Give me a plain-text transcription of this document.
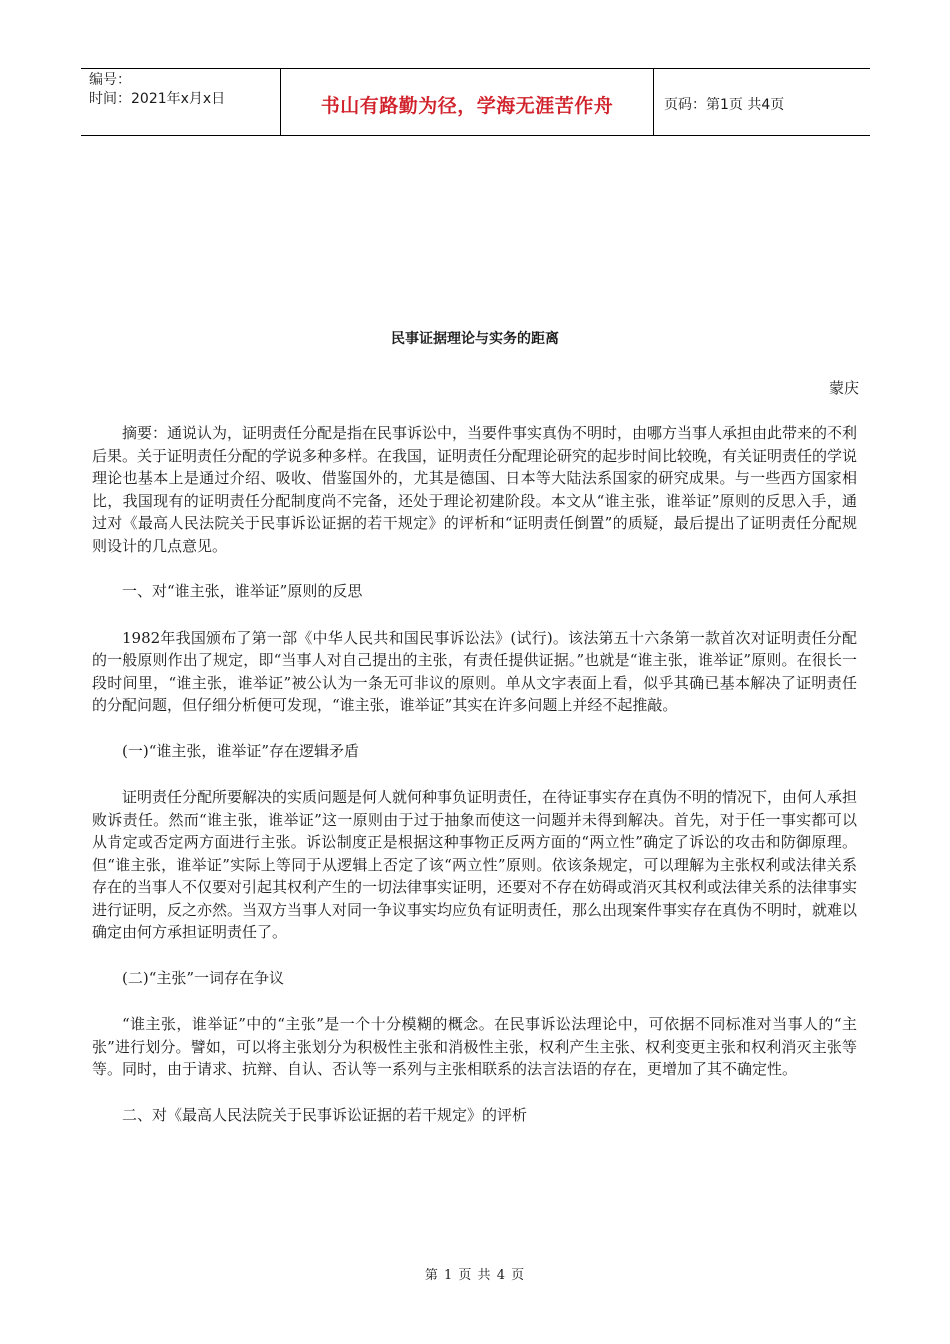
编号：
时间：2021年x月x日	书山有路勤为径，学海无涯苦作舟	页码：第1页 共4页
民事证据理论与实务的距离
蒙庆

摘要：通说认为，证明责任分配是指在民事诉讼中，当要件事实真伪不明时，由哪方当事人承担由此带来的不利后果。关于证明责任分配的学说多种多样。在我国，证明责任分配理论研究的起步时间比较晚，有关证明责任的学说理论也基本上是通过介绍、吸收、借鉴国外的，尤其是德国、日本等大陆法系国家的研究成果。与一些西方国家相比，我国现有的证明责任分配制度尚不完备，还处于理论初建阶段。本文从“谁主张，谁举证”原则的反思入手，通过对《最高人民法院关于民事诉讼证据的若干规定》的评析和“证明责任倒置”的质疑，最后提出了证明责任分配规则设计的几点意见。

一、对“谁主张，谁举证”原则的反思

1982年我国颁布了第一部《中华人民共和国民事诉讼法》(试行)。该法第五十六条第一款首次对证明责任分配的一般原则作出了规定，即“当事人对自己提出的主张，有责任提供证据。”也就是“谁主张，谁举证”原则。在很长一段时间里，“谁主张，谁举证”被公认为一条无可非议的原则。单从文字表面上看，似乎其确已基本解决了证明责任的分配问题，但仔细分析便可发现，“谁主张，谁举证”其实在许多问题上并经不起推敲。

(一)“谁主张，谁举证”存在逻辑矛盾

证明责任分配所要解决的实质问题是何人就何种事负证明责任，在待证事实存在真伪不明的情况下，由何人承担败诉责任。然而“谁主张，谁举证”这一原则由于过于抽象而使这一问题并未得到解决。首先，对于任一事实都可以从肯定或否定两方面进行主张。诉讼制度正是根据这种事物正反两方面的“两立性”确定了诉讼的攻击和防御原理。但“谁主张，谁举证”实际上等同于从逻辑上否定了该“两立性”原则。依该条规定，可以理解为主张权利或法律关系存在的当事人不仅要对引起其权利产生的一切法律事实证明，还要对不存在妨碍或消灭其权利或法律关系的法律事实进行证明，反之亦然。当双方当事人对同一争议事实均应负有证明责任，那么出现案件事实存在真伪不明时，就难以确定由何方承担证明责任了。

(二)“主张”一词存在争议

“谁主张，谁举证”中的“主张”是一个十分模糊的概念。在民事诉讼法理论中，可依据不同标准对当事人的“主张”进行划分。譬如，可以将主张划分为积极性主张和消极性主张，权利产生主张、权利变更主张和权利消灭主张等等。同时，由于请求、抗辩、自认、否认等一系列与主张相联系的法言法语的存在，更增加了其不确定性。

二、对《最高人民法院关于民事诉讼证据的若干规定》的评析

第 1 页 共 4 页
